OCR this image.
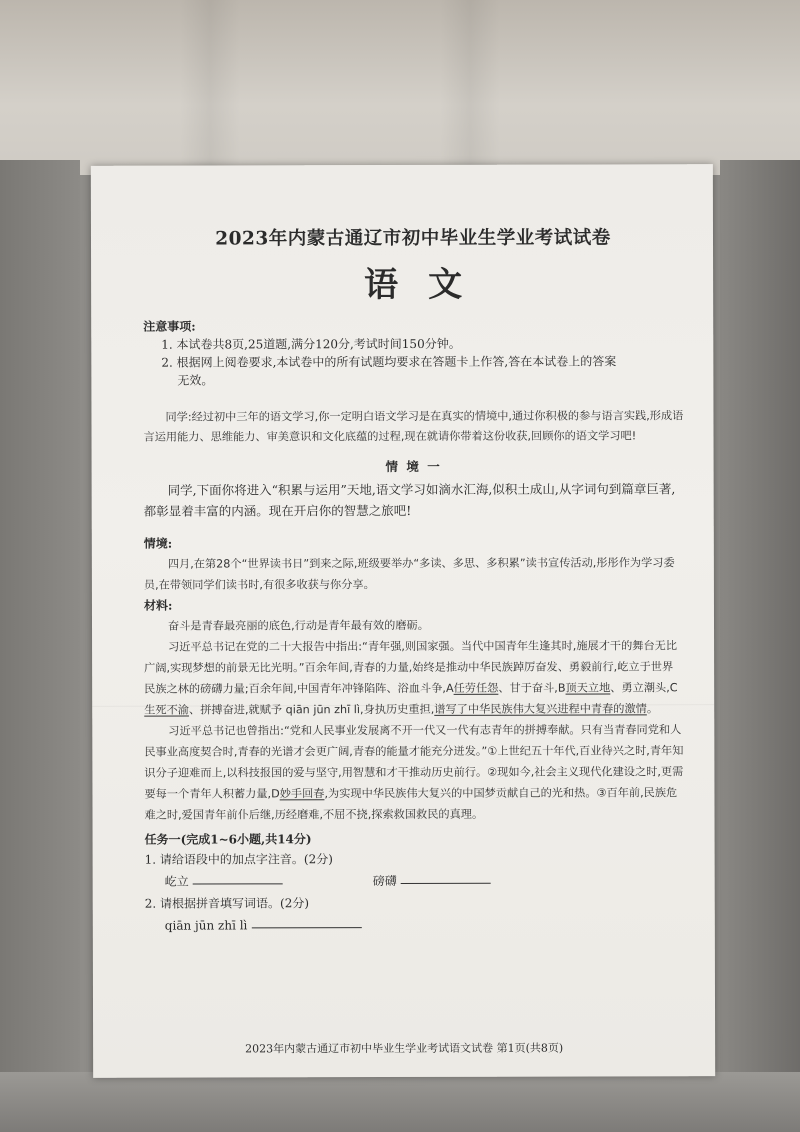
2023年内蒙古通辽市初中毕业生学业考试试卷
语文

注意事项:

1. 本试卷共8页,25道题,满分120分,考试时间150分钟。

2. 根据网上阅卷要求,本试卷中的所有试题均要求在答题卡上作答,答在本试卷上的答案

无效。

同学:经过初中三年的语文学习,你一定明白语文学习是在真实的情境中,通过你积极的参与语言实践,形成语言运用能力、思维能力、审美意识和文化底蕴的过程,现在就请你带着这份收获,回顾你的语文学习吧!

情 境 一

同学,下面你将进入“积累与运用”天地,语文学习如滴水汇海,似积土成山,从字词句到篇章巨著,都彰显着丰富的内涵。现在开启你的智慧之旅吧!

情境:

四月,在第28个“世界读书日”到来之际,班级要举办“多读、多思、多积累”读书宣传活动,彤彤作为学习委员,在带领同学们读书时,有很多收获与你分享。

材料:

奋斗是青春最亮丽的底色,行动是青年最有效的磨砺。

习近平总书记在党的二十大报告中指出:“青年强,则国家强。当代中国青年生逢其时,施展才干的舞台无比广阔,实现梦想的前景无比光明。”百余年间,青春的力量,始终是推动中华民族踔厉奋发、勇毅前行,屹立于世界民族之林的磅礴力量;百余年间,中国青年冲锋陷阵、浴血斗争,A任劳任怨、甘于奋斗,B顶天立地、勇立潮头,C生死不渝、拼搏奋进,就赋予 qiān jūn zhī lì,身执历史重担,谱写了中华民族伟大复兴进程中青春的激情。

习近平总书记也曾指出:“党和人民事业发展离不开一代又一代有志青年的拼搏奉献。只有当青春同党和人民事业高度契合时,青春的光谱才会更广阔,青春的能量才能充分迸发。”①上世纪五十年代,百业待兴之时,青年知识分子迎难而上,以科技报国的爱与坚守,用智慧和才干推动历史前行。②现如今,社会主义现代化建设之时,更需要每一个青年人积蓄力量,D妙手回春,为实现中华民族伟大复兴的中国梦贡献自己的光和热。③百年前,民族危难之时,爱国青年前仆后继,历经磨难,不屈不挠,探索救国救民的真理。

任务一(完成1~6小题,共14分)

1. 请给语段中的加点字注音。(2分)

屹立	磅礴

2. 请根据拼音填写词语。(2分)

qiān jūn zhī lì
2023年内蒙古通辽市初中毕业生学业考试语文试卷 第1页(共8页)
